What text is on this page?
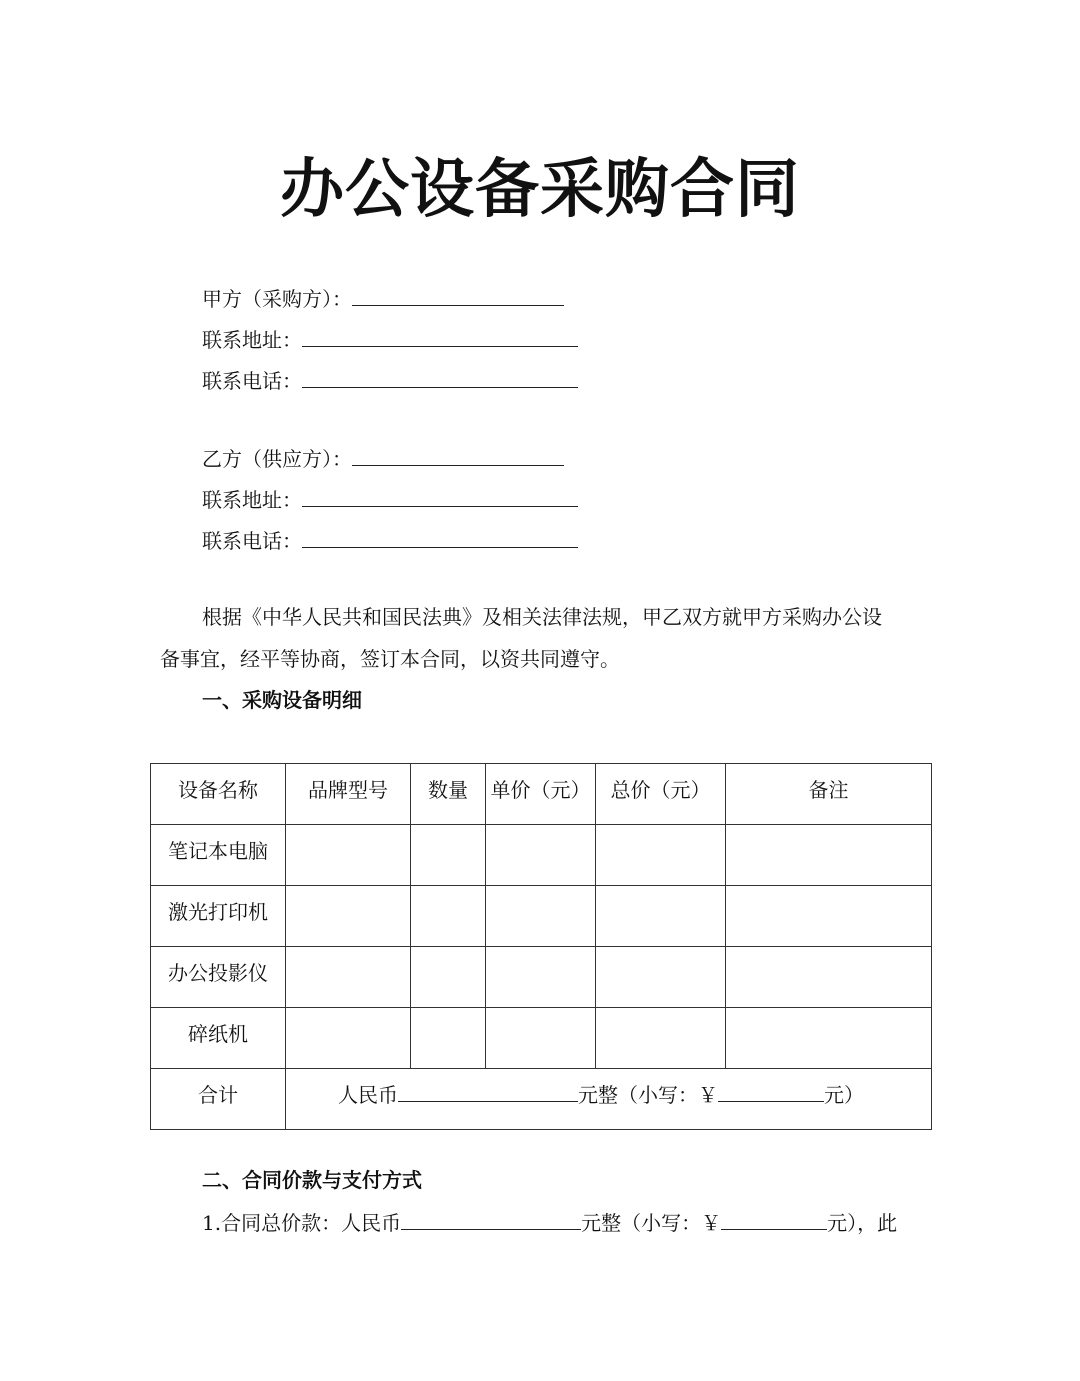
办公设备采购合同
甲方（采购方）：
联系地址：
联系电话：
乙方（供应方）：
联系地址：
联系电话：
根据《中华人民共和国民法典》及相关法律法规，甲乙双方就甲方采购办公设
备事宜，经平等协商，签订本合同，以资共同遵守。
一、采购设备明细
设备名称	品牌型号	数量	单价（元）	总价（元）	备注
笔记本电脑					
激光打印机					
办公投影仪					
碎纸机					
合计	人民币 元整（小写：￥ 元）				
二、合同价款与支付方式
1.合同总价款：人民币	元整（小写：￥	元），此
